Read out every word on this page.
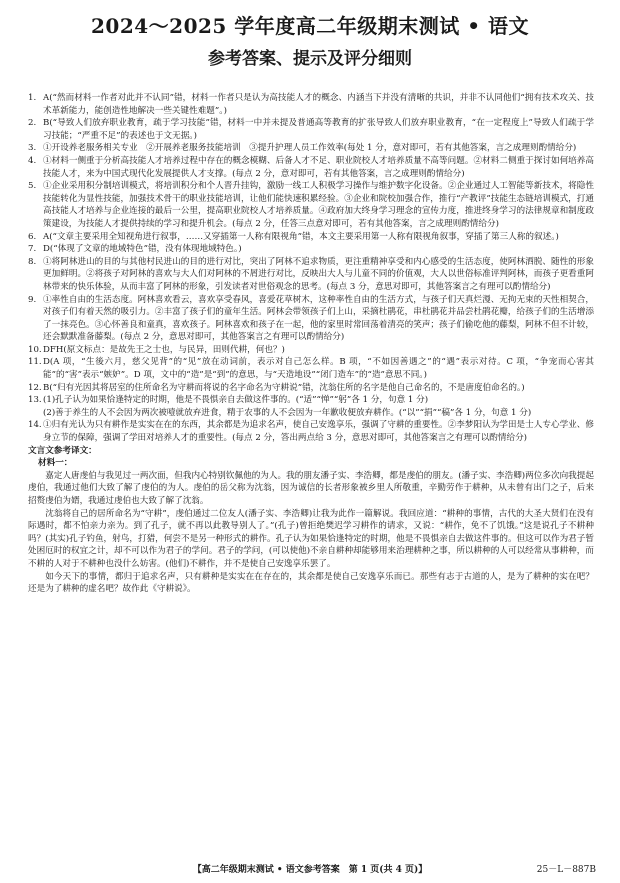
2024～2025 学年度高二年级期末测试 • 语文
参考答案、提示及评分细则
1. A(“然而材料一作者对此并不认同”错，材料一作者只是认为高技能人才的概念、内涵当下并没有清晰的共识，并非不认同他们“拥有技术攻关、技术革新能力，能创造性地解决一些关键性难题”。)
2. B(“导致人们放弃职业教育，疏于学习技能”错，材料一中并未提及普通高等教育的扩张导致人们放弃职业教育，“在一定程度上”导致人们疏于学习技能；“严重不足”的表述也于文无据。)
3. ①开设养老服务相关专业　②开展养老服务技能培训　③提升护理人员工作效率(每处 1 分，意对即可，若有其他答案，言之成理则酌情给分)
4. ①材料一侧重于分析高技能人才培养过程中存在的概念模糊、后备人才不足、职业院校人才培养质量不高等问题。②材料二侧重于探讨如何培养高技能人才，来为中国式现代化发展提供人才支撑。(每点 2 分，意对即可，若有其他答案，言之成理则酌情给分)
5. ①企业采用积分制培训模式，将培训积分和个人晋升挂钩，激励一线工人积极学习操作与维护数字化设备。②企业通过人工智能等新技术，将隐性技能转化为显性技能，加强技术骨干的职业技能培训，让他们能快速积累经验。③企业和院校加强合作，推行“产教评”技能生态链培训模式，打通高技能人才培养与企业连接的最后一公里，提高职业院校人才培养质量。④政府加大终身学习理念的宣传力度，推进终身学习的法律规章和制度政策建设，为技能人才提供持续的学习和提升机会。(每点 2 分，任答三点意对即可，若有其他答案，言之成理则酌情给分)
6. A(“文章主要采用全知视角进行叙事，……又穿插第一人称有限视角”错，本文主要采用第一人称有限视角叙事，穿插了第三人称的叙述。)
7. D(“体现了文章的地域特色”错，没有体现地域特色。)
8. ①将阿林进山的目的与其他村民进山的目的进行对比，突出了阿林不追求物质，更注重精神享受和内心感受的生活态度，使阿林洒脱、随性的形象更加鲜明。②将孩子对阿林的喜欢与大人们对阿林的不屑进行对比，反映出大人与儿童不同的价值观，大人以世俗标准评判阿林，而孩子更看重阿林带来的快乐体验，从而丰富了阿林的形象，引发读者对世俗观念的思考。(每点 3 分，意思对即可，其他答案言之有理可以酌情给分)
9. ①率性自由的生活态度。阿林喜欢看云，喜欢享受春风，喜爱花草树木，这种率性自由的生活方式，与孩子们天真烂漫、无拘无束的天性相契合，对孩子们有着天然的吸引力。②丰富了孩子们的童年生活。阿林会带领孩子们上山，采摘杜鹃花，串杜鹃花并品尝杜鹃花瓣，给孩子们的生活增添了一抹亮色。③心怀善良和童真，喜欢孩子。阿林喜欢和孩子在一起，他的家里时常回荡着清亮的笑声；孩子们偷吃他的藤梨，阿林不但不计较，还会默默准备藤梨。(每点 2 分，意思对即可，其他答案言之有理可以酌情给分)
10. DFH(原文标点：是故先王之士也，与民异，田则代耕，何也？)
11. D(A 项，“生後六月，慈父见背”的“见”放在动词前，表示对自己怎么样。B 项，“不如因善遇之”的“遇”表示对待。C 项，“争宠而心害其能”的“害”表示“嫉妒”。D 项，文中的“造”是“到”的意思，与“天造地设”“闭门造车”的“造”意思不同。)
12. B(“归有光因其将居室的住所命名为守耕而将说的名字命名为守耕说”错，沈翁住所的名字是他自己命名的，不是唐度伯命名的。)
13. (1)孔子认为如果恰逢特定的时期，他是不畏惧亲自去做这件事的。(“适”“惮”“躬”各 1 分，句意 1 分)
(2)善于养生的人不会因为两次被噎就放弃进食，精于农事的人不会因为一年歉收便放弃耕作。(“以”“捐”“稿”各 1 分，句意 1 分)
14. ①归有光认为只有耕作是实实在在的东西，其余都是为追求名声，使自己安逸享乐，强调了守耕的重要性。②李梦阳认为学田是士人专心学业、修身立节的保障，强调了学田对培养人才的重要性。(每点 2 分，答出两点给 3 分，意思对即可，其他答案言之有理可以酌情给分)
文言文参考译文：
材料一：
嘉定人唐虔伯与我见过一两次面，但我内心特别钦佩他的为人。我的朋友潘子实、李浩卿，都是虔伯的朋友。(潘子实、李浩卿)两位多次向我提起虔伯，我通过他们大致了解了虔伯的为人。虔伯的岳父称为沈翁，因为诚信的长者形象被乡里人所敬重，辛勤劳作于耕种，从未曾有出门之子，后来招赘虔伯为婿，我通过虔伯也大致了解了沈翁。
沈翁将自己的居所命名为“守耕”，虔伯通过二位友人(潘子实、李浩卿)让我为此作一篇解说。我回应道：“耕种的事情，古代的大圣大贤们在没有际遇时，都不怕亲力亲为。到了孔子，就不再以此教导别人了。”(孔子)曾拒绝樊迟学习耕作的请求，又说：“耕作，免不了饥饿。”这是说孔子不耕种吗？(其实)孔子钓鱼，射鸟，打猎，何尝不是另一种形式的耕作。孔子认为如果恰逢特定的时期，他是不畏惧亲自去做这件事的。但这可以作为君子暂处困厄时的权宜之计，却不可以作为君子的学问。君子的学问，(可以使他)不亲自耕种却能够用来治理耕种之事，所以耕种的人可以经常从事耕种，而不耕的人对于不耕种也没什么妨害。(他们)不耕作，并不是使自己安逸享乐罢了。
如今天下的事情，都归于追求名声，只有耕种是实实在在存在的，其余都是使自己安逸享乐而已。那些有志于古道的人，是为了耕种的实在吧？还是为了耕种的虚名吧？故作此《守耕说》。
【高二年级期末测试 • 语文参考答案　第 1 页(共 4 页)】	25－L－887B
